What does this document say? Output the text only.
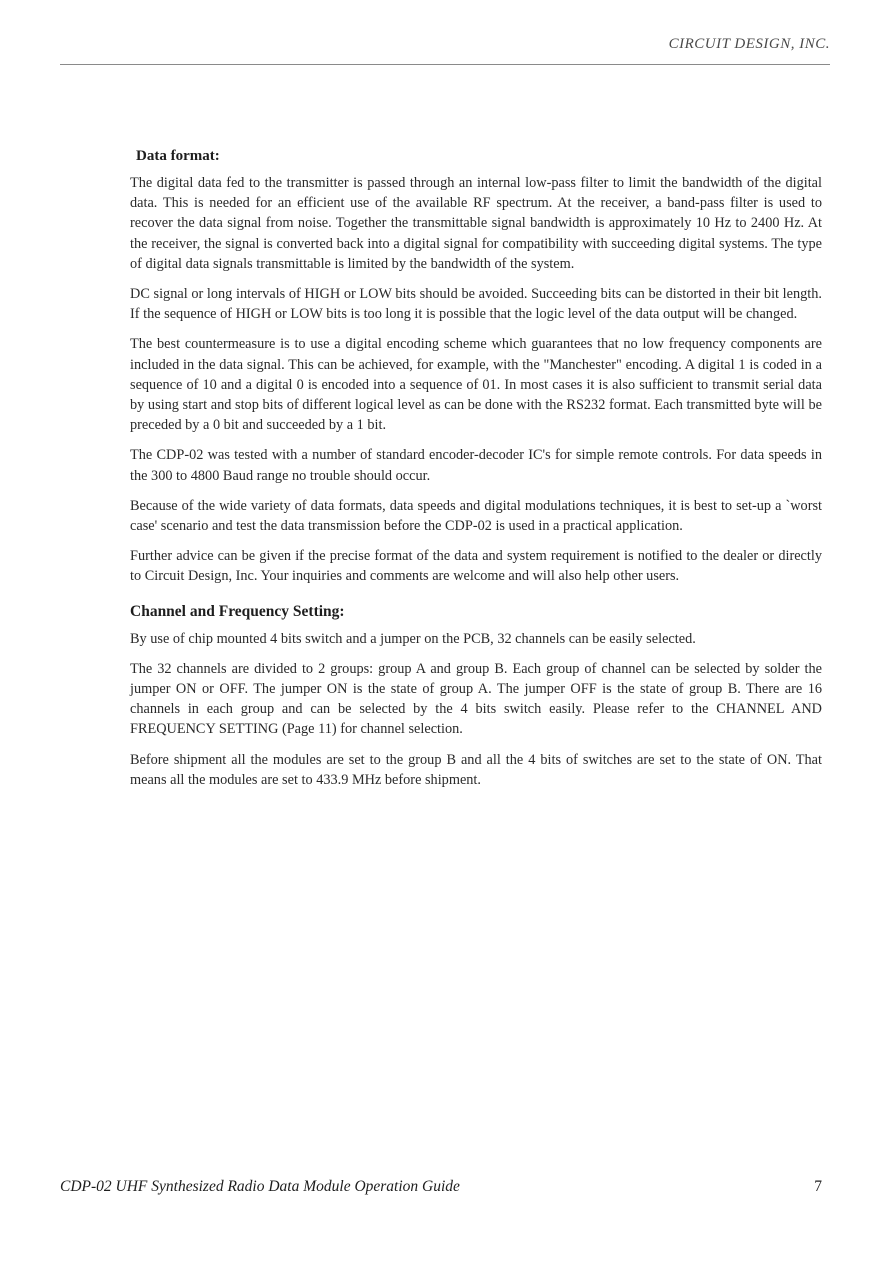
CIRCUIT DESIGN, INC.
Data format:

The digital data fed to the transmitter is passed through an internal low-pass filter to limit the bandwidth of the digital data. This is needed for an efficient use of the available RF spectrum. At the receiver, a band-pass filter is used to recover the data signal from noise. Together the transmittable signal bandwidth is approximately 10 Hz to 2400 Hz. At the receiver, the signal is converted back into a digital signal for compatibility with succeeding digital systems. The type of digital data signals transmittable is limited by the bandwidth of the system.

DC signal or long intervals of HIGH or LOW bits should be avoided. Succeeding bits can be distorted in their bit length. If the sequence of HIGH or LOW bits is too long it is possible that the logic level of the data output will be changed.

The best countermeasure is to use a digital encoding scheme which guarantees that no low frequency components are included in the data signal. This can be achieved, for example, with the "Manchester" encoding. A digital 1 is coded in a sequence of 10 and a digital 0 is encoded into a sequence of 01. In most cases it is also sufficient to transmit serial data by using start and stop bits of different logical level as can be done with the RS232 format. Each transmitted byte will be preceded by a 0 bit and succeeded by a 1 bit.

The CDP-02 was tested with a number of standard encoder-decoder IC's for simple remote controls. For data speeds in the 300 to 4800 Baud range no trouble should occur.

Because of the wide variety of data formats, data speeds and digital modulations techniques, it is best to set-up a `worst case' scenario and test the data transmission before the CDP-02 is used in a practical application.

Further advice can be given if the precise format of the data and system requirement is notified to the dealer or directly to Circuit Design, Inc. Your inquiries and comments are welcome and will also help other users.

Channel and Frequency Setting:

By use of chip mounted 4 bits switch and a jumper on the PCB, 32 channels can be easily selected.

The 32 channels are divided to 2 groups: group A and group B. Each group of channel can be selected by solder the jumper ON or OFF. The jumper ON is the state of group A. The jumper OFF is the state of group B. There are 16 channels in each group and can be selected by the 4 bits switch easily. Please refer to the CHANNEL AND FREQUENCY SETTING (Page 11) for channel selection.

Before shipment all the modules are set to the group B and all the 4 bits of switches are set to the state of ON. That means all the modules are set to 433.9 MHz before shipment.

CDP-02 UHF Synthesized Radio Data Module Operation Guide	7
